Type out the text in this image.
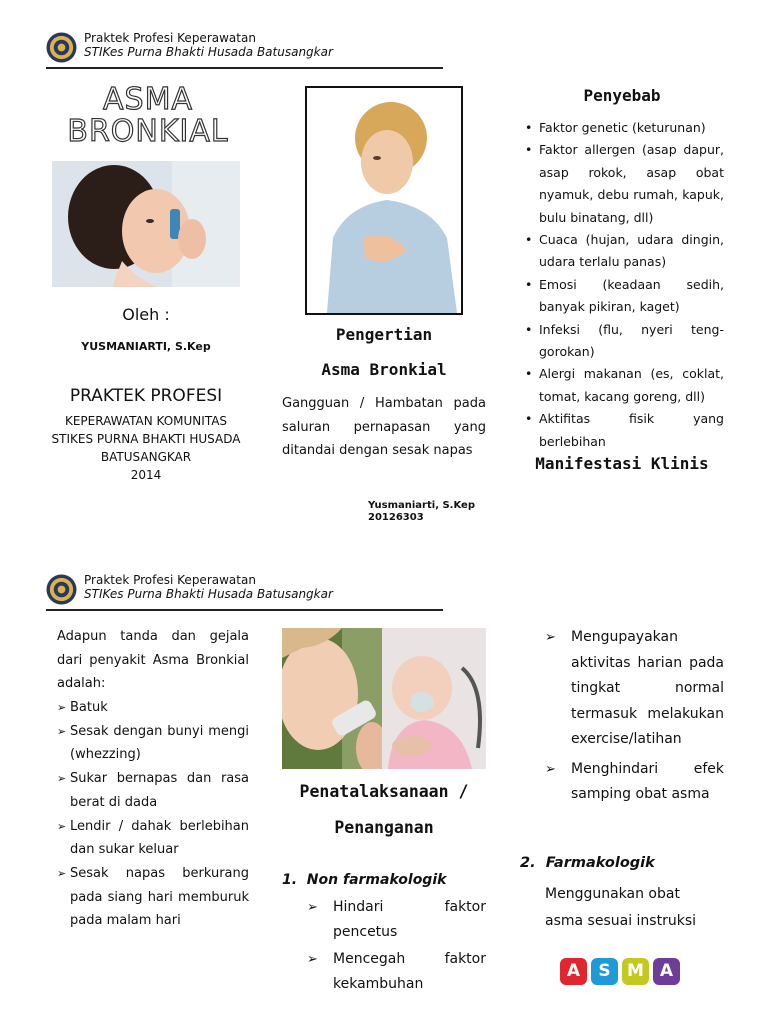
Praktek Profesi Keperawatan
STIKes Purna Bhakti Husada Batusangkar
ASMA
BRONKIAL
Oleh :
YUSMANIARTI, S.Kep
PRAKTEK PROFESI
KEPERAWATAN KOMUNITAS
STIKES PURNA BHAKTI HUSADA
BATUSANGKAR
2014
Pengertian
Asma Bronkial
Gangguan / Hambatan pada saluran pernapasan yang ditandai dengan sesak napas
Yusmaniarti, S.Kep
20126303
Penyebab
• Faktor genetic (keturunan)
• Faktor allergen (asap dapur, asap rokok, asap obat nyamuk, debu rumah, kapuk, bulu binatang, dll)
• Cuaca (hujan, udara dingin, udara terlalu panas)
• Emosi (keadaan sedih, banyak pikiran, kaget)
• Infeksi (flu, nyeri teng-gorokan)
• Alergi makanan (es, coklat, tomat, kacang goreng, dll)
• Aktifitas fisik yang berlebihan
Manifestasi Klinis
Praktek Profesi Keperawatan
STIKes Purna Bhakti Husada Batusangkar
Adapun tanda dan gejala dari penyakit Asma Bronkial adalah:
➢ Batuk
➢ Sesak dengan bunyi mengi (whezzing)
➢ Sukar bernapas dan rasa berat di dada
➢ Lendir / dahak berlebihan dan sukar keluar
➢ Sesak napas berkurang pada siang hari memburuk pada malam hari
Penatalaksanaan /
Penanganan
1.  Non farmakologik
➢ Hindari faktor pencetus
➢ Mencegah faktor kekambuhan
➢ Mengupayakan aktivitas harian pada tingkat normal termasuk melakukan exercise/latihan
➢ Menghindari efek samping obat asma
2.  Farmakologik
Menggunakan obat asma sesuai instruksi
A S M A
